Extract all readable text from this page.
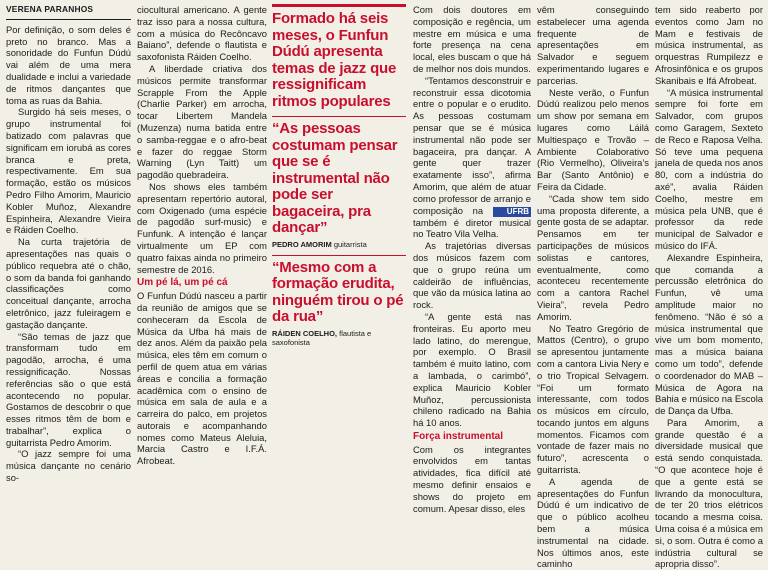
VERENA PARANHOS

Por definição, o som deles é preto no branco. Mas a sonoridade do Funfun Dúdú vai além de uma mera dualidade e inclui a variedade de ritmos dançantes que toma as ruas da Bahia.

Surgido há seis meses, o grupo instrumental foi batizado com palavras que significam em iorubá as cores branca e preta, respectivamente. Em sua formação, estão os músicos Pedro Filho Amorim, Mauricio Kobler Muñoz, Alexandre Espinheira, Alexandre Vieira e Ráiden Coelho.

Na curta trajetória de apresentações nas quais o público requebra até o chão, o som da banda foi ganhando classificações como conceitual dançante, arrocha eletrônico, jazz fuleiragem e gastação dançante.

“São temas de jazz que transformam tudo em pagodão, arrocha, é uma ressignificação. Nossas referências são o que está acontecendo no popular. Gostamos de descobrir o que esses ritmos têm de bom e trabalhar”, explica o guitarrista Pedro Amorim.

“O jazz sempre foi uma música dançante no cenário so-

ciocultural americano. A gente traz isso para a nossa cultura, com a música do Recôncavo Baiano”, defende o flautista e saxofonista Ráiden Coelho.

A liberdade criativa dos músicos permite transformar Scrapple From the Apple (Charlie Parker) em arrocha, tocar Libertem Mandela (Muzenza) numa batida entre o samba-reggae e o afro-beat e fazer do reggae Storm Warning (Lyn Taitt) um pagodão quebradeira.

Nos shows eles também apresentam repertório autoral, com Oxigenado (uma espécie de pagodão surf-music) e Funfunk. A intenção é lançar virtualmente um EP com quatro faixas ainda no primeiro semestre de 2016.

Um pé lá, um pé cá

O Funfun Dúdú nasceu a partir da reunião de amigos que se conheceram da Escola de Música da Ufba há mais de dez anos. Além da paixão pela música, eles têm em comum o perfil de quem atua em várias áreas e concilia a formação acadêmica com o ensino de música em sala de aula e a carreira do palco, em projetos autorais e acompanhando nomes como Mateus Aleluia, Marcia Castro e I.F.Á. Afrobeat.

Formado há seis meses, o Funfun Dúdú apresenta temas de jazz que ressignificam ritmos populares
“As pessoas costumam pensar que se é instrumental não pode ser bagaceira, pra dançar”
PEDRO AMORIM guitarrista
“Mesmo com a formação erudita, ninguém tirou o pé da rua”
RÁIDEN COELHO, flautista e saxofonista

Com dois doutores em composição e regência, um mestre em música e uma forte presença na cena local, eles buscam o que há de melhor nos dois mundos.

“Tentamos desconstruir e reconstruir essa dicotomia entre o popular e o erudito. As pessoas costumam pensar que se é música instrumental não pode ser bagaceira, pra dançar. A gente quer trazer exatamente isso”, afirma Amorim, que além de atuar como professor de arranjo e composição na	UFRB também é diretor musical no Teatro Vila Velha.

As trajetórias diversas dos músicos fazem com que o grupo reúna um caldeirão de influências, que vão da música latina ao rock.

“A gente está nas fronteiras. Eu aporto meu lado latino, do merengue, por exemplo. O Brasil também é muito latino, com a lambada, o carimbó”, explica Mauricio Kobler Muñoz, percussionista chileno radicado na Bahia há 10 anos.

Força instrumental

Com os integrantes envolvidos em tantas atividades, fica difícil até mesmo definir ensaios e shows do projeto em comum. Apesar disso, eles

vêm conseguindo estabelecer uma agenda frequente de apresentações em Salvador e seguem experimentando lugares e parcerias.

Neste verão, o Funfun Dúdú realizou pelo menos um show por semana em lugares como Láilá Multiespaço e Trovão – Ambiente Colaborativo (Rio Vermelho), Oliveira’s Bar (Santo Antônio) e Feira da Cidade.

“Cada show tem sido uma proposta diferente, a gente gosta de se adaptar. Pensamos em ter participações de músicos solistas e cantores, eventualmente, como aconteceu recentemente com a cantora Rachel Vieira”, revela Pedro Amorim.

No Teatro Gregório de Mattos (Centro), o grupo se apresentou juntamente com a cantora Livia Nery e o trio Tropical Selvagem. “Foi um formato interessante, com todos os músicos em círculo, tocando juntos em alguns momentos. Ficamos com vontade de fazer mais no futuro”, acrescenta o guitarrista.

A agenda de apresentações do Funfun Dúdú é um indicativo de que o público acolheu bem a música instrumental na cidade. Nos últimos anos, este caminho

tem sido reaberto por eventos como Jam no Mam e festivais de música instrumental, as orquestras Rumpilezz e Afrosinfônica e os grupos Skanibais e Ifá Afrobeat.

“A música instrumental sempre foi forte em Salvador, com grupos como Garagem, Sexteto de Reco e Raposa Velha. Só teve uma pequena janela de queda nos anos 80, com a indústria do axé”, avalia Ráiden Coelho, mestre em música pela UNB, que é professor da rede municipal de Salvador e músico do IFÁ.

Alexandre Espinheira, que comanda a percussão eletrônica do Funfun, vê uma amplitude maior no fenômeno. “Não é só a música instrumental que vive um bom momento, mas a música baiana como um todo”, defende o coordenador do MAB – Música de Agora na Bahia e músico na Escola de Dança da Ufba.

Para Amorim, a grande questão é a diversidade musical que está sendo conquistada. “O que acontece hoje é que a gente está se livrando da monocultura, de ter 20 trios elétricos tocando a mesma coisa. Uma coisa é a música em si, o som. Outra é como a indústria cultural se apropria disso”.
